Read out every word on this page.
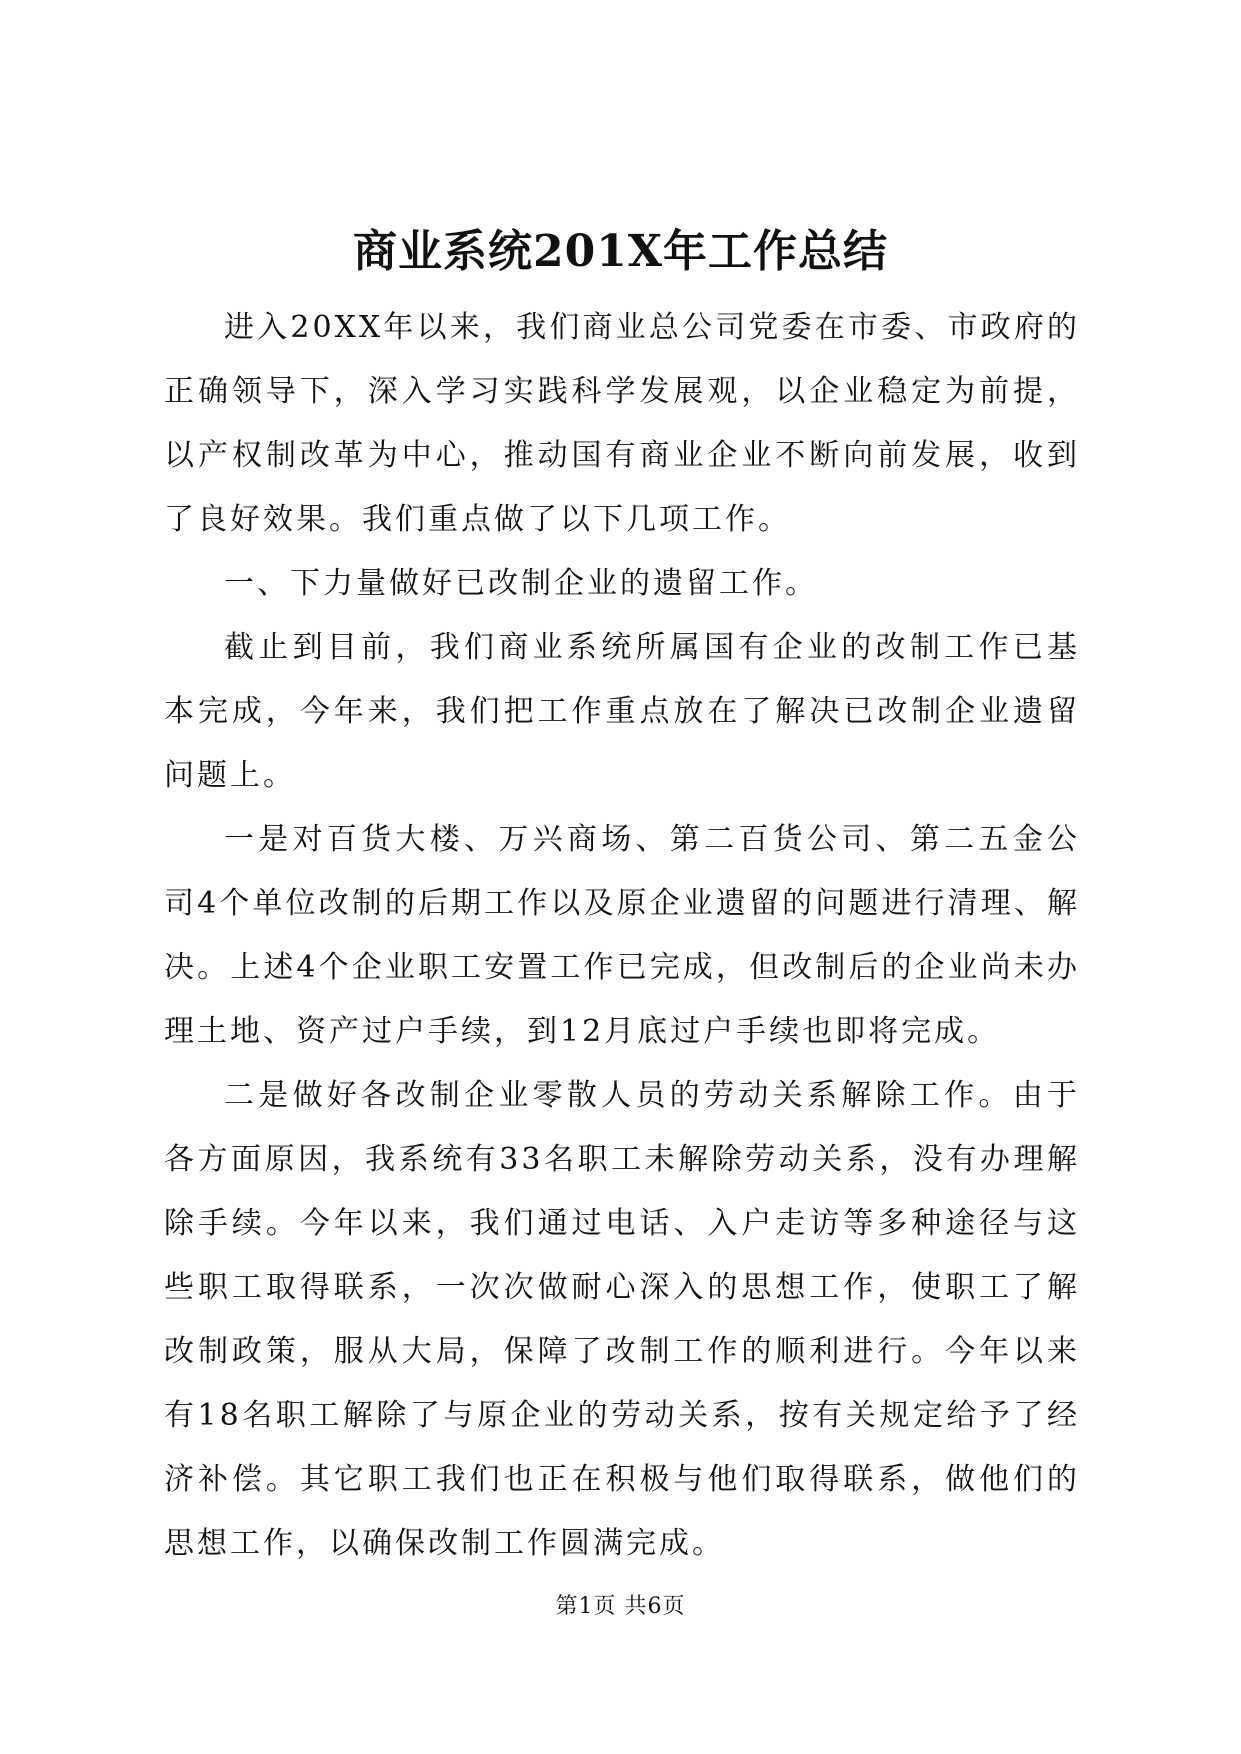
商业系统201X年工作总结

进入20XX年以来，我们商业总公司党委在市委、市政府的正确领导下，深入学习实践科学发展观，以企业稳定为前提，以产权制改革为中心，推动国有商业企业不断向前发展，收到了良好效果。我们重点做了以下几项工作。

一、下力量做好已改制企业的遗留工作。

截止到目前，我们商业系统所属国有企业的改制工作已基本完成，今年来，我们把工作重点放在了解决已改制企业遗留问题上。

一是对百货大楼、万兴商场、第二百货公司、第二五金公司4个单位改制的后期工作以及原企业遗留的问题进行清理、解决。上述4个企业职工安置工作已完成，但改制后的企业尚未办理土地、资产过户手续，到12月底过户手续也即将完成。

二是做好各改制企业零散人员的劳动关系解除工作。由于各方面原因，我系统有33名职工未解除劳动关系，没有办理解除手续。今年以来，我们通过电话、入户走访等多种途径与这些职工取得联系，一次次做耐心深入的思想工作，使职工了解改制政策，服从大局，保障了改制工作的顺利进行。今年以来有18名职工解除了与原企业的劳动关系，按有关规定给予了经济补偿。其它职工我们也正在积极与他们取得联系，做他们的思想工作，以确保改制工作圆满完成。

第1页 共6页
